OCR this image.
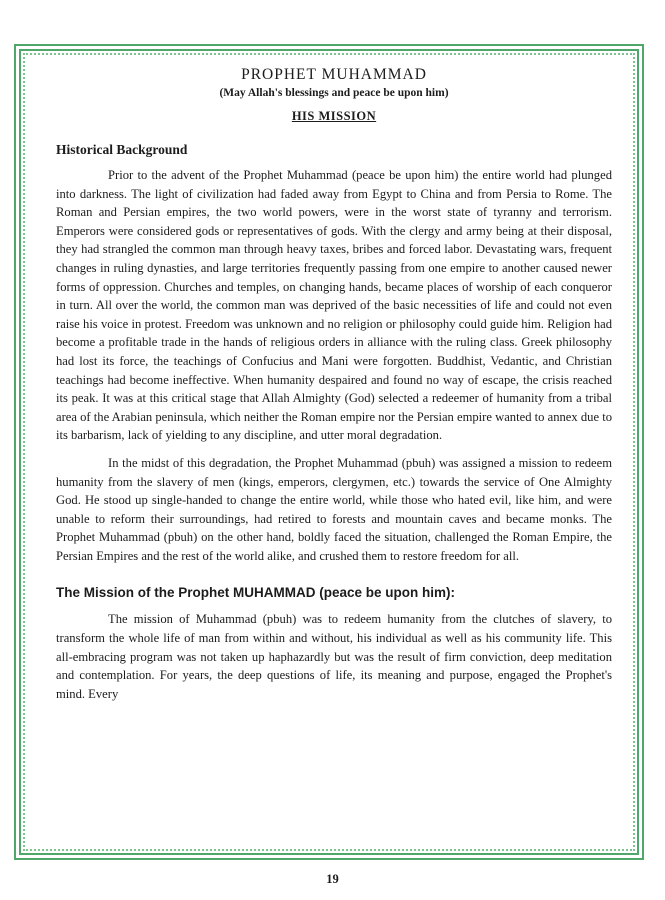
PROPHET MUHAMMAD
(May Allah's blessings and peace be upon him)
HIS MISSION
Historical Background

Prior to the advent of the Prophet Muhammad (peace be upon him) the entire world had plunged into darkness. The light of civilization had faded away from Egypt to China and from Persia to Rome. The Roman and Persian empires, the two world powers, were in the worst state of tyranny and terrorism. Emperors were considered gods or representatives of gods. With the clergy and army being at their disposal, they had strangled the common man through heavy taxes, bribes and forced labor. Devastating wars, frequent changes in ruling dynasties, and large territories frequently passing from one empire to another caused newer forms of oppression. Churches and temples, on changing hands, became places of worship of each conqueror in turn. All over the world, the common man was deprived of the basic necessities of life and could not even raise his voice in protest. Freedom was unknown and no religion or philosophy could guide him. Religion had become a profitable trade in the hands of religious orders in alliance with the ruling class. Greek philosophy had lost its force, the teachings of Confucius and Mani were forgotten. Buddhist, Vedantic, and Christian teachings had become ineffective. When humanity despaired and found no way of escape, the crisis reached its peak. It was at this critical stage that Allah Almighty (God) selected a redeemer of humanity from a tribal area of the Arabian peninsula, which neither the Roman empire nor the Persian empire wanted to annex due to its barbarism, lack of yielding to any discipline, and utter moral degradation.

In the midst of this degradation, the Prophet Muhammad (pbuh) was assigned a mission to redeem humanity from the slavery of men (kings, emperors, clergymen, etc.) towards the service of One Almighty God. He stood up single-handed to change the entire world, while those who hated evil, like him, and were unable to reform their surroundings, had retired to forests and mountain caves and became monks. The Prophet Muhammad (pbuh) on the other hand, boldly faced the situation, challenged the Roman Empire, the Persian Empires and the rest of the world alike, and crushed them to restore freedom for all.

The Mission of the Prophet MUHAMMAD (peace be upon him):

The mission of Muhammad (pbuh) was to redeem humanity from the clutches of slavery, to transform the whole life of man from within and without, his individual as well as his community life. This all-embracing program was not taken up haphazardly but was the result of firm conviction, deep meditation and contemplation. For years, the deep questions of life, its meaning and purpose, engaged the Prophet's mind. Every

19
